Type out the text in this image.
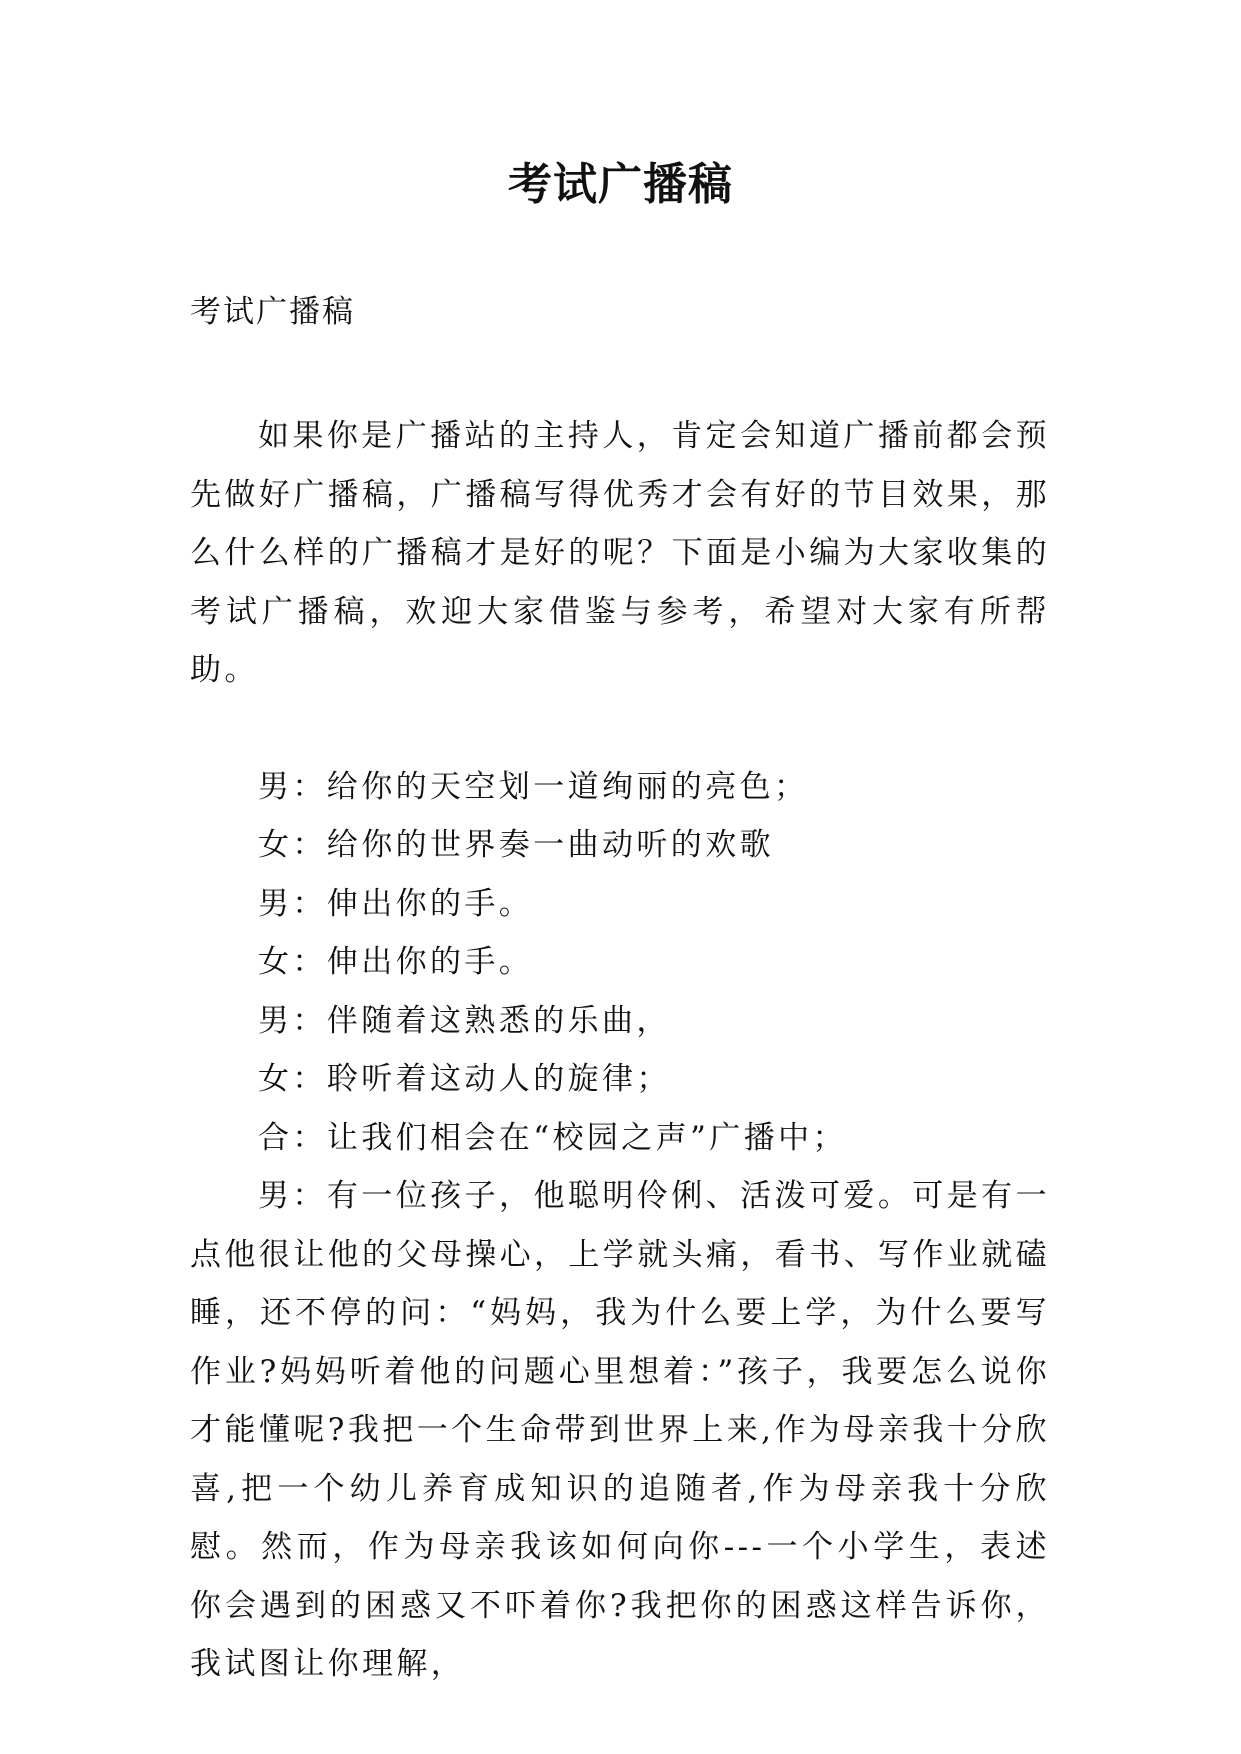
考试广播稿

考试广播稿

如果你是广播站的主持人，肯定会知道广播前都会预先做好广播稿，广播稿写得优秀才会有好的节目效果，那么什么样的广播稿才是好的呢？下面是小编为大家收集的考试广播稿，欢迎大家借鉴与参考，希望对大家有所帮助。

男：给你的天空划一道绚丽的亮色；

女：给你的世界奏一曲动听的欢歌

男：伸出你的手。

女：伸出你的手。

男：伴随着这熟悉的乐曲，

女：聆听着这动人的旋律；

合：让我们相会在“校园之声”广播中；

男：有一位孩子，他聪明伶俐、活泼可爱。可是有一点他很让他的父母操心，上学就头痛，看书、写作业就磕睡，还不停的问：“妈妈，我为什么要上学，为什么要写作业?妈妈听着他的问题心里想着：”孩子，我要怎么说你才能懂呢?我把一个生命带到世界上来,作为母亲我十分欣喜,把一个幼儿养育成知识的追随者,作为母亲我十分欣慰。然而，作为母亲我该如何向你---一个小学生，表述你会遇到的困惑又不吓着你?我把你的困惑这样告诉你，我试图让你理解，
